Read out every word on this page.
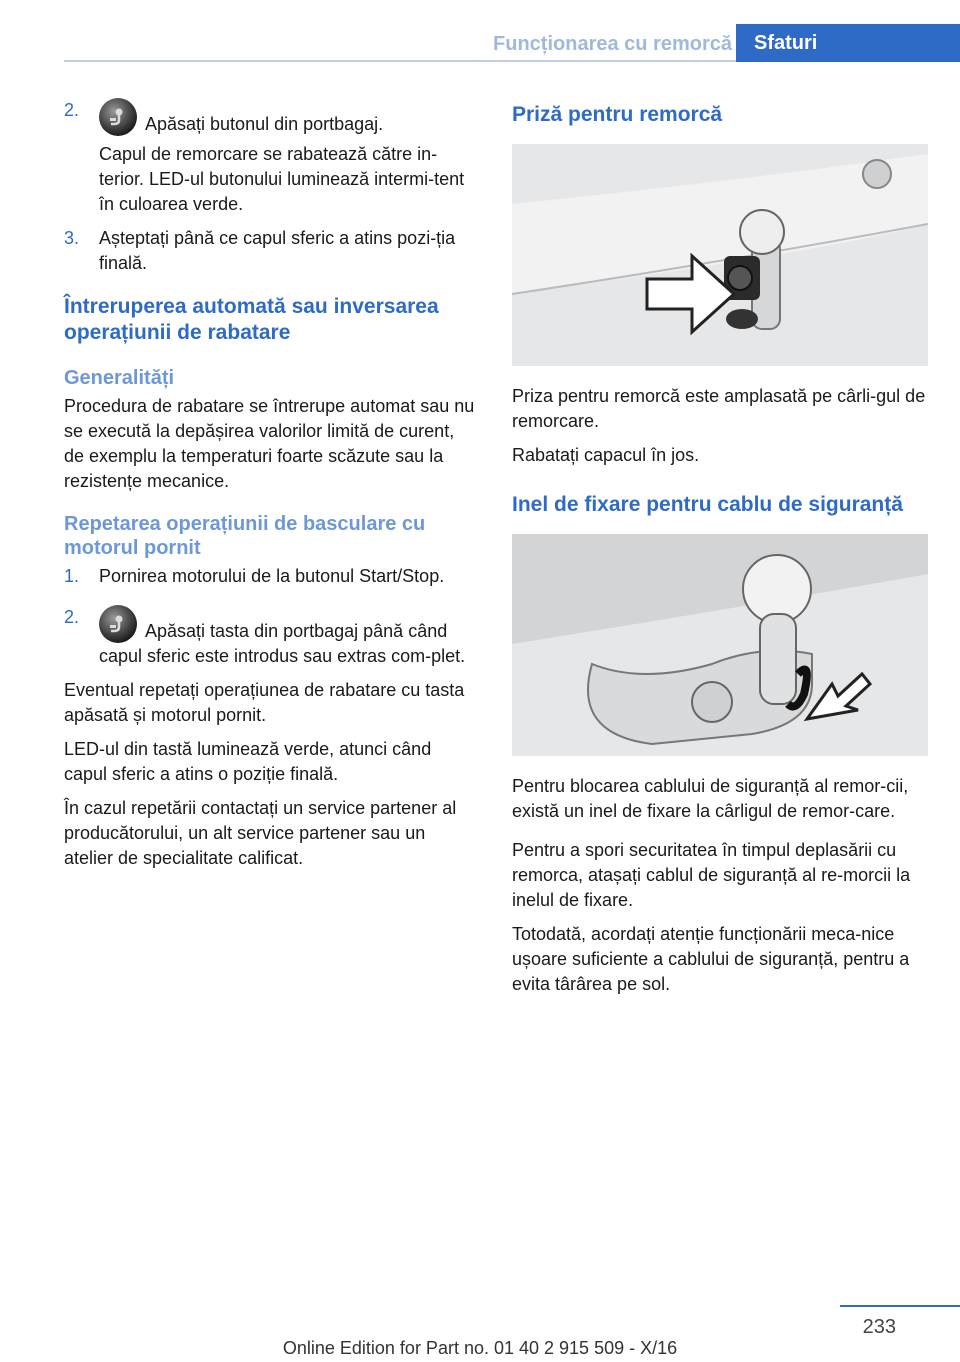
Funcționarea cu remorcă	Sfaturi
2.

Apăsați butonul din portbagaj.

Capul de remorcare se rabatează către in-terior. LED-ul butonului luminează intermi-tent în culoarea verde.

3. Așteptați până ce capul sferic a atins pozi-ția finală.

Întreruperea automată sau inversarea operațiunii de rabatare
Generalități

Procedura de rabatare se întrerupe automat sau nu se execută la depășirea valorilor limită de curent, de exemplu la temperaturi foarte scăzute sau la rezistențe mecanice.

Repetarea operațiunii de basculare cu motorul pornit
1. Pornirea motorului de la butonul Start/Stop.

2.

Apăsați tasta din portbagaj până când capul sferic este introdus sau extras com-plet.

Eventual repetați operațiunea de rabatare cu tasta apăsată și motorul pornit.

LED-ul din tastă luminează verde, atunci când capul sferic a atins o poziție finală.

În cazul repetării contactați un service partener al producătorului, un alt service partener sau un atelier de specialitate calificat.

Priză pentru remorcă

Priza pentru remorcă este amplasată pe cârli-gul de remorcare.

Rabatați capacul în jos.

Inel de fixare pentru cablu de siguranță

Pentru blocarea cablului de siguranță al remor-cii, există un inel de fixare la cârligul de remor-care.

Pentru a spori securitatea în timpul deplasării cu remorca, atașați cablul de siguranță al re-morcii la inelul de fixare.

Totodată, acordați atenție funcționării meca-nice ușoare suficiente a cablului de siguranță, pentru a evita târârea pe sol.

233
Online Edition for Part no. 01 40 2 915 509 - X/16
